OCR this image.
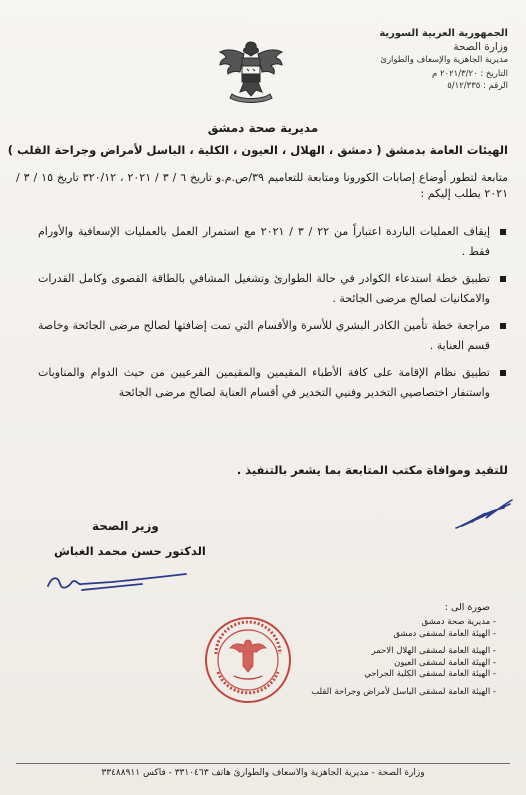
الجمهورية العربية السورية
وزارة الصحة
مديرية الجاهزية والإسعاف والطوارئ
التاريخ : ٢٠٢١/٣/٢٠ م
الرقم : ٥/١٢/٣٣٥
مديرية صحة دمشق
الهيئات العامة بدمشق ( دمشق ، الهلال ، العيون ، الكلية ، الباسل لأمراض وجراحة القلب )
متابعة لتطور أوضاع إصابات الكورونا ومتابعة للتعاميم ٣٩/ص.م.و تاريخ ٦ / ٣ / ٢٠٢١ ، ٣٢٠/١٢ تاريخ ١٥ / ٣ / ٢٠٢١ يطلب إليكم :
إيقاف العمليات الباردة اعتباراً من ٢٢ / ٣ / ٢٠٢١ مع استمرار العمل بالعمليات الإسعافية والأورام فقط .
تطبيق خطة استدعاء الكوادر في حالة الطوارئ وتشغيل المشافي بالطاقة القصوى وكامل القدرات والامكانيات لصالح مرضى الجائحة .
مراجعة خطة تأمين الكادر البشري للأسرة والأقسام التي تمت إضافتها لصالح مرضى الجائحة وخاصة قسم العناية .
تطبيق نظام الإقامة على كافة الأطباء المقيمين والمقيمين الفرعيين من حيث الدوام والمناوبات واستنفار اختصاصيي التخدير وفنيي التخدير في أقسام العناية لصالح مرضى الجائحة
للتقيد وموافاة مكتب المتابعة بما يشعر بالتنفيذ .
وزير الصحة
الدكتور حسن محمد الغباش
صورة الى :
- مديرية صحة دمشق
- الهيئة العامة لمشفى دمشق
- الهيئة العامة لمشفى الهلال الاحمر
- الهيئة العامة لمشفى العيون
- الهيئة العامة لمشفى الكلية الجراحي
- الهيئة العامة لمشفى الباسل لأمراض وجراحة القلب
وزارة الصحة - مديرية الجاهزية والاسعاف والطوارئ هاتف ٣٣١٠٤٦٣ - فاكس ٣٣٤٨٨٩١١
